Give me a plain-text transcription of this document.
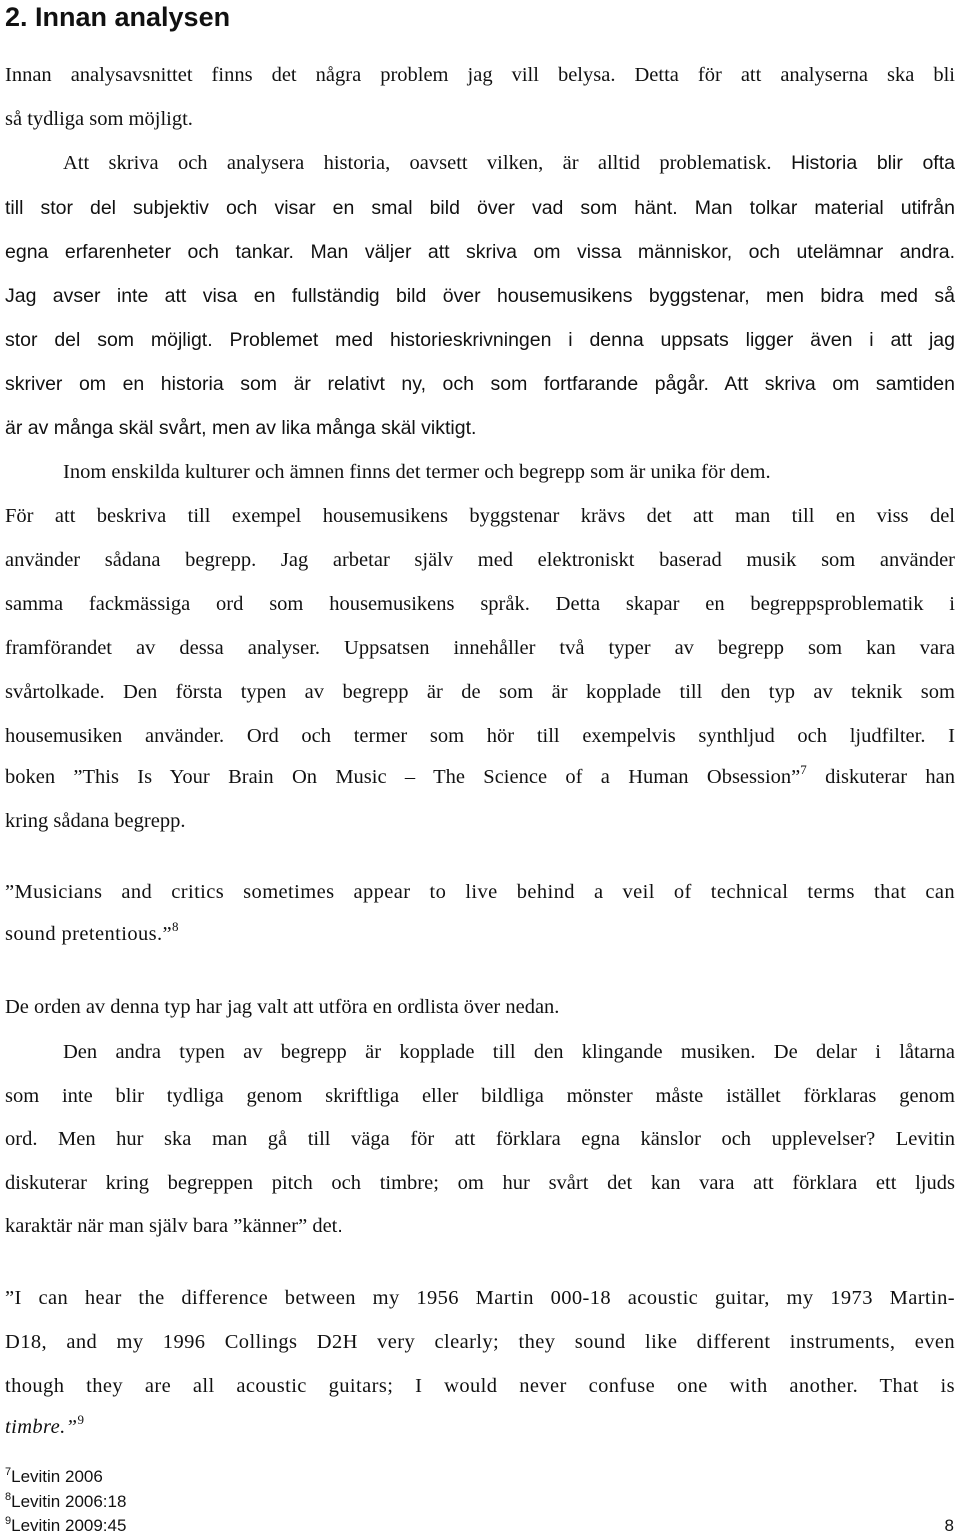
2. Innan analysen

Innan analysavsnittet finns det några problem jag vill belysa. Detta för att analyserna ska bli

så tydliga som möjligt.

Att skriva och analysera historia, oavsett vilken, är alltid problematisk. Historia blir ofta

till stor del subjektiv och visar en smal bild över vad som hänt. Man tolkar material utifrån

egna erfarenheter och tankar. Man väljer att skriva om vissa människor, och utelämnar andra.

Jag avser inte att visa en fullständig bild över housemusikens byggstenar, men bidra med så

stor del som möjligt. Problemet med historieskrivningen i denna uppsats ligger även i att jag

skriver om en historia som är relativt ny, och som fortfarande pågår. Att skriva om samtiden

är av många skäl svårt, men av lika många skäl viktigt.

Inom enskilda kulturer och ämnen finns det termer och begrepp som är unika för dem.

För att beskriva till exempel housemusikens byggstenar krävs det att man till en viss del

använder sådana begrepp. Jag arbetar själv med elektroniskt baserad musik som använder

samma fackmässiga ord som housemusikens språk. Detta skapar en begreppsproblematik i

framförandet av dessa analyser. Uppsatsen innehåller två typer av begrepp som kan vara

svårtolkade. Den första typen av begrepp är de som är kopplade till den typ av teknik som

housemusiken använder. Ord och termer som hör till exempelvis synthljud och ljudfilter. I

boken ”This Is Your Brain On Music – The Science of a Human Obsession”$^7$ diskuterar han

kring sådana begrepp.

”Musicians and critics sometimes appear to live behind a veil of technical terms that can

sound pretentious.”$^8$

De orden av denna typ har jag valt att utföra en ordlista över nedan.

Den andra typen av begrepp är kopplade till den klingande musiken. De delar i låtarna

som inte blir tydliga genom skriftliga eller bildliga mönster måste istället förklaras genom

ord. Men hur ska man gå till väga för att förklara egna känslor och upplevelser? Levitin

diskuterar kring begreppen pitch och timbre; om hur svårt det kan vara att förklara ett ljuds

karaktär när man själv bara ”känner” det.

”I can hear the difference between my 1956 Martin 000-18 acoustic guitar, my 1973 Martin-

D18, and my 1996 Collings D2H very clearly; they sound like different instruments, even

though they are all acoustic guitars; I would never confuse one with another. That is

timbre.”$^9$

$^7$Levitin 2006

$^8$Levitin 2006:18

$^9$Levitin 2009:45	8
